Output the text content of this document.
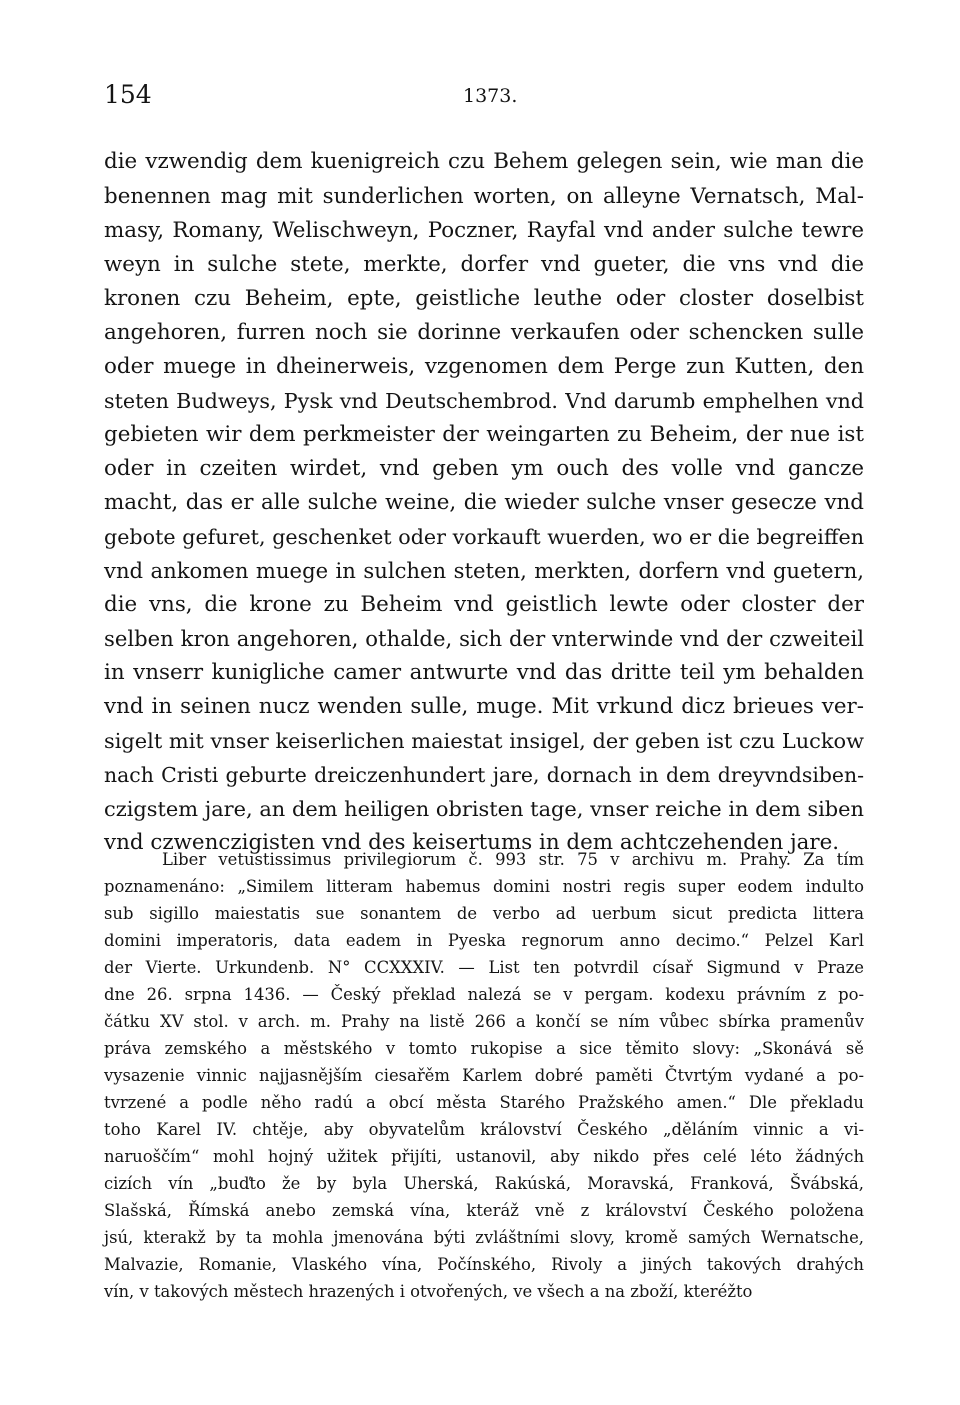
154	1373.
die vzwendig dem kuenigreich czu Behem gelegen sein, wie man die
benennen mag mit sunderlichen worten, on alleyne Vernatsch, Mal-
masy, Romany, Welischweyn, Poczner, Rayfal vnd ander sulche tewre
weyn in sulche stete, merkte, dorfer vnd gueter, die vns vnd die
kronen czu Beheim, epte, geistliche leuthe oder closter doselbist
angehoren, furren noch sie dorinne verkaufen oder schencken sulle
oder muege in dheinerweis, vzgenomen dem Perge zun Kutten, den
steten Budweys, Pysk vnd Deutschembrod. Vnd darumb emphelhen vnd
gebieten wir dem perkmeister der weingarten zu Beheim, der nue ist
oder in czeiten wirdet, vnd geben ym ouch des volle vnd gancze
macht, das er alle sulche weine, die wieder sulche vnser gesecze vnd
gebote gefuret, geschenket oder vorkauft wuerden, wo er die begreiffen
vnd ankomen muege in sulchen steten, merkten, dorfern vnd guetern,
die vns, die krone zu Beheim vnd geistlich lewte oder closter der
selben kron angehoren, othalde, sich der vnterwinde vnd der czweiteil
in vnserr kunigliche camer antwurte vnd das dritte teil ym behalden
vnd in seinen nucz wenden sulle, muge. Mit vrkund dicz brieues ver-
sigelt mit vnser keiserlichen maiestat insigel, der geben ist czu Luckow
nach Cristi geburte dreiczenhundert jare, dornach in dem dreyvndsiben-
czigstem jare, an dem heiligen obristen tage, vnser reiche in dem siben
vnd czwenczigisten vnd des keisertums in dem achtczehenden jare.
Liber vetustissimus privilegiorum č. 993 str. 75 v archivu m. Prahy. Za tím
poznamenáno: „Similem litteram habemus domini nostri regis super eodem indulto
sub sigillo maiestatis sue sonantem de verbo ad uerbum sicut predicta littera
domini imperatoris, data eadem in Pyeska regnorum anno decimo.“ Pelzel Karl
der Vierte. Urkundenb. N° CCXXXIV. — List ten potvrdil císař Sigmund v Praze
dne 26. srpna 1436. — Český překlad nalezá se v pergam. kodexu právním z po-
čátku XV stol. v arch. m. Prahy na listě 266 a končí se ním vůbec sbírka pramenův
práva zemského a městského v tomto rukopise a sice těmito slovy: „Skonává sě
vysazenie vinnic najjasnějším ciesařěm Karlem dobré paměti Čtvrtým vydané a po-
tvrzené a podle něho radú a obcí města Starého Pražského amen.“ Dle překladu
toho Karel IV. chtěje, aby obyvatelům království Českého „děláním vinnic a vi-
naruoščím“ mohl hojný užitek přijíti, ustanovil, aby nikdo přes celé léto žádných
cizích vín „buďto že by byla Uherská, Rakúská, Moravská, Franková, Švábská,
Slašská, Římská anebo zemská vína, kteráž vně z království Českého položena
jsú, kterakž by ta mohla jmenována býti zvláštními slovy, kromě samých Wernatsche,
Malvazie, Romanie, Vlaského vína, Počínského, Rivoly a jiných takových drahých
vín, v takových městech hrazených i otvořených, ve všech a na zboží, kteréžto
